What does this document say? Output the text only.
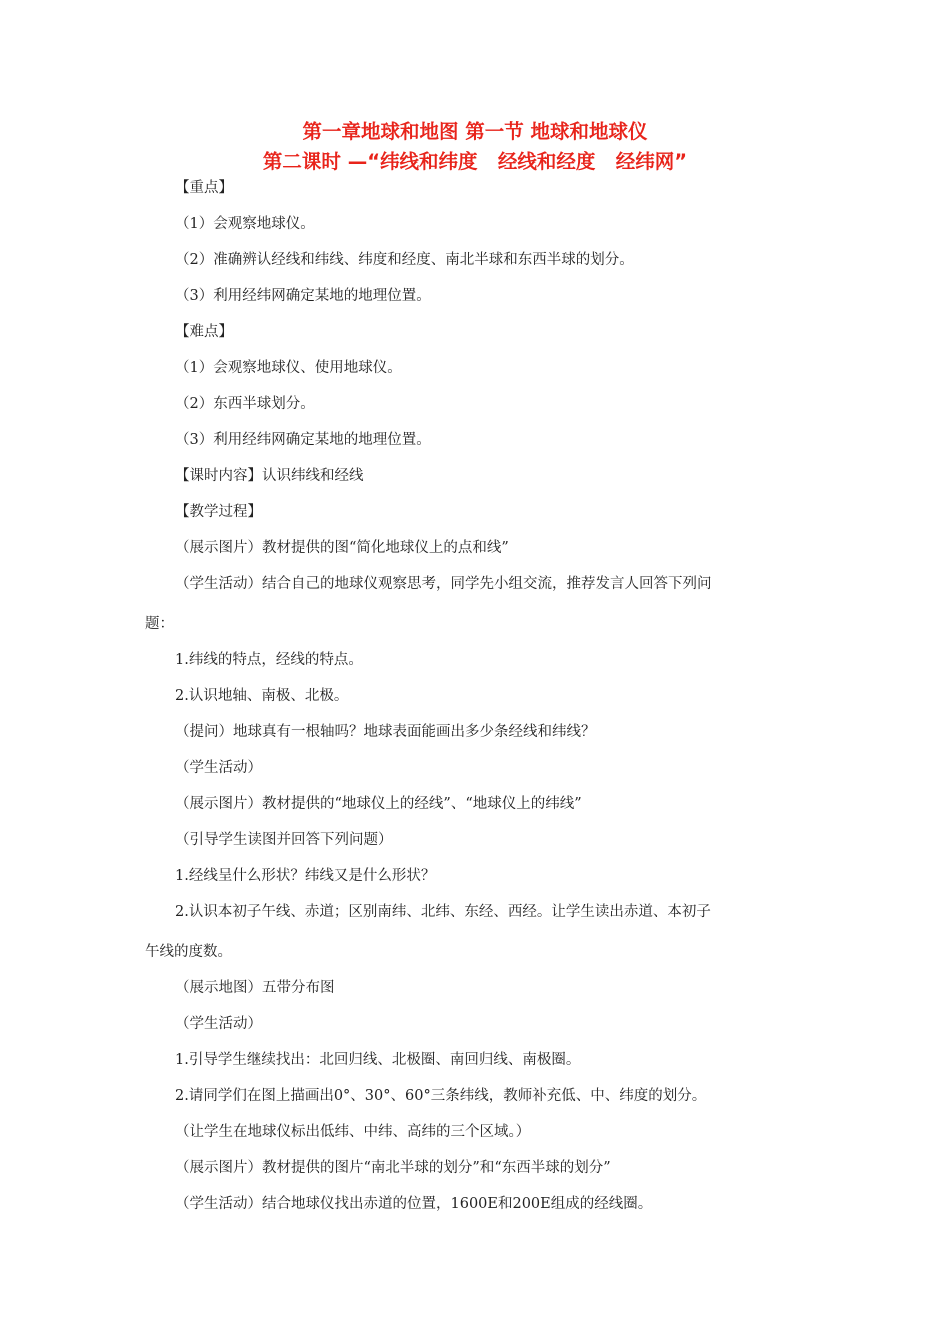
第一章地球和地图 第一节 地球和地球仪
第二课时 —“纬线和纬度   经线和经度   经纬网”
【重点】
（1）会观察地球仪。
（2）准确辨认经线和纬线、纬度和经度、南北半球和东西半球的划分。
（3）利用经纬网确定某地的地理位置。
【难点】
（1）会观察地球仪、使用地球仪。
（2）东西半球划分。
（3）利用经纬网确定某地的地理位置。
【课时内容】认识纬线和经线
【教学过程】
（展示图片）教材提供的图“简化地球仪上的点和线”
（学生活动）结合自己的地球仪观察思考，同学先小组交流，推荐发言人回答下列问
题：
1.纬线的特点，经线的特点。
2.认识地轴、南极、北极。
（提问）地球真有一根轴吗？地球表面能画出多少条经线和纬线？
（学生活动）
（展示图片）教材提供的“地球仪上的经线”、“地球仪上的纬线”
（引导学生读图并回答下列问题）
1.经线呈什么形状？纬线又是什么形状？
2.认识本初子午线、赤道；区别南纬、北纬、东经、西经。让学生读出赤道、本初子
午线的度数。
（展示地图）五带分布图
（学生活动）
1.引导学生继续找出：北回归线、北极圈、南回归线、南极圈。
2.请同学们在图上描画出0°、30°、60°三条纬线，教师补充低、中、纬度的划分。
（让学生在地球仪标出低纬、中纬、高纬的三个区域。）
（展示图片）教材提供的图片“南北半球的划分”和“东西半球的划分”
（学生活动）结合地球仪找出赤道的位置，1600E和200E组成的经线圈。
